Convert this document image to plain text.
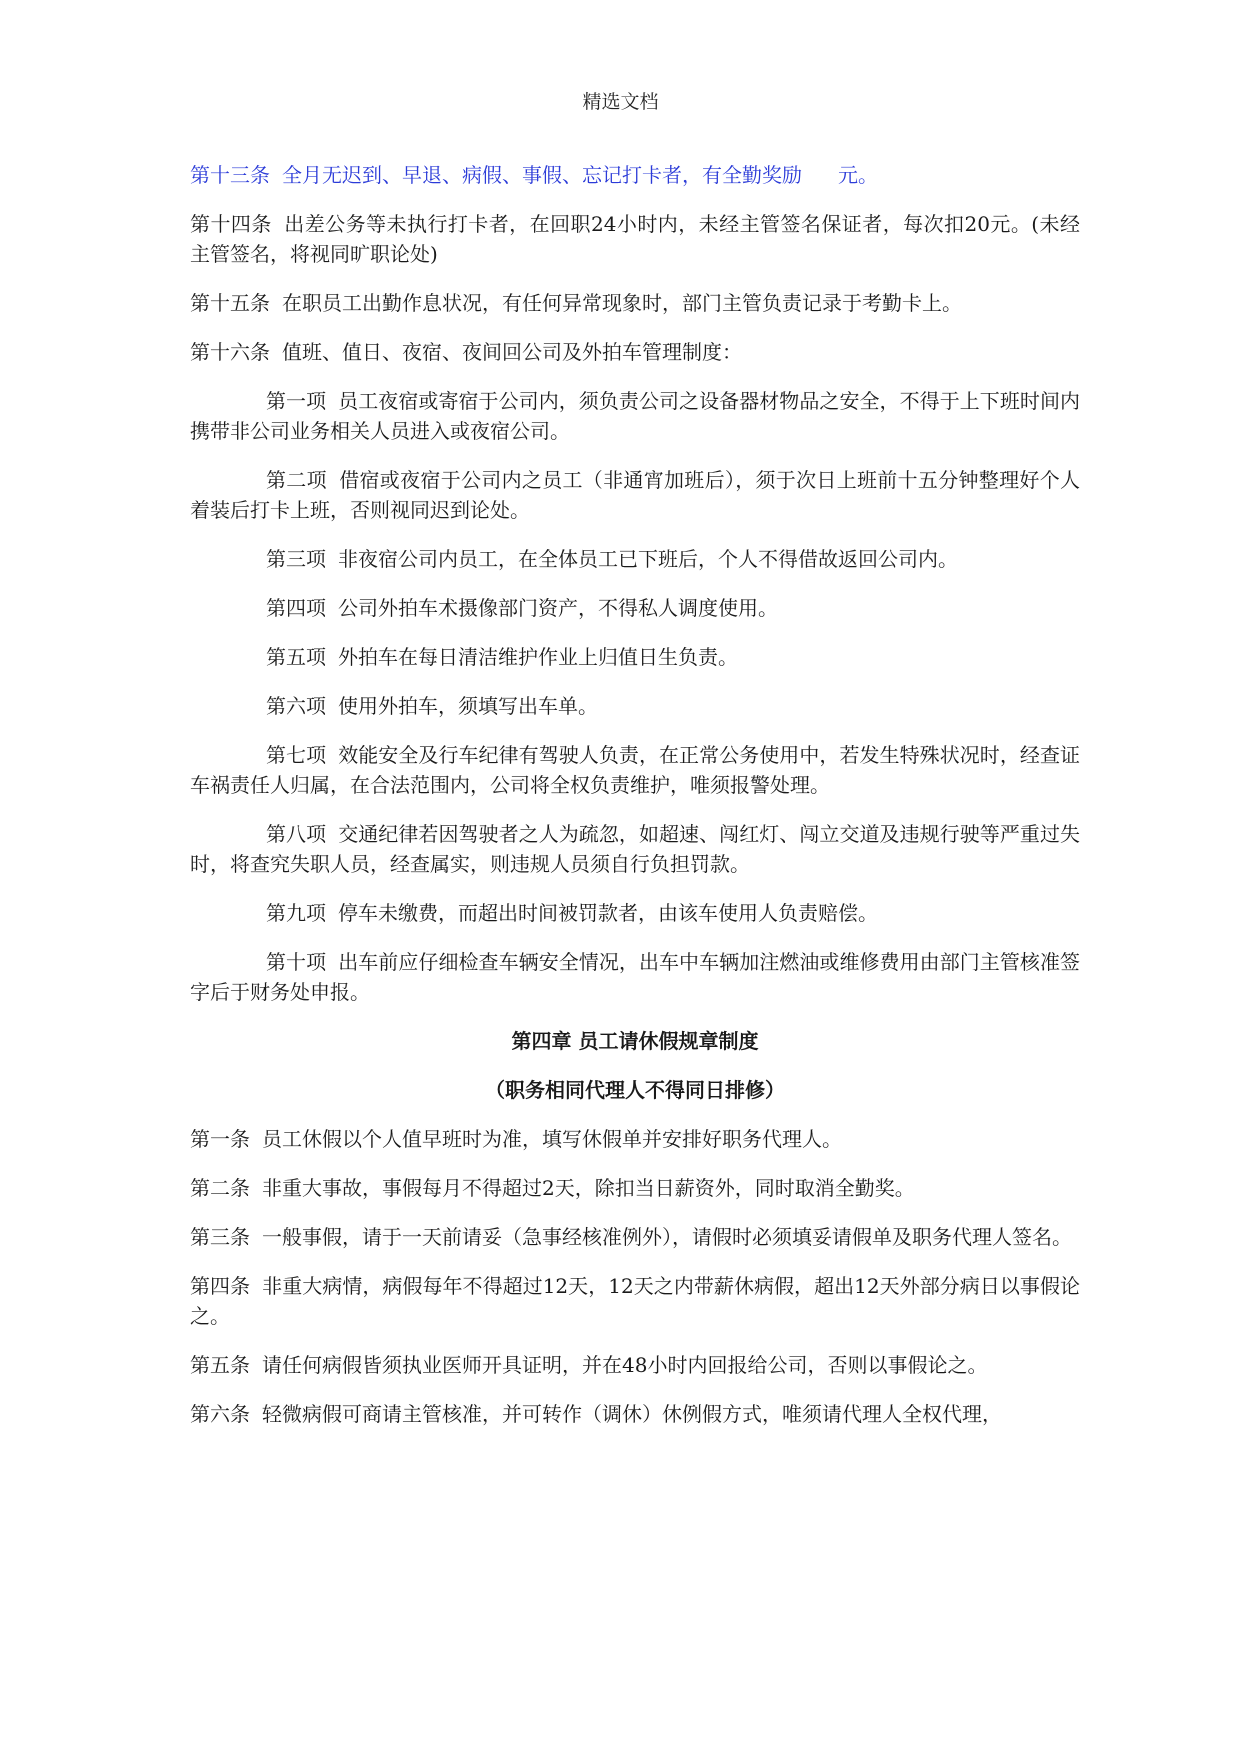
精选文档

第十三条 全月无迟到、早退、病假、事假、忘记打卡者，有全勤奖励 元。

第十四条 出差公务等未执行打卡者，在回职24小时内，未经主管签名保证者，每次扣20元。(未经主管签名，将视同旷职论处)

第十五条 在职员工出勤作息状况，有任何异常现象时，部门主管负责记录于考勤卡上。

第十六条 值班、值日、夜宿、夜间回公司及外拍车管理制度：

第一项 员工夜宿或寄宿于公司内，须负责公司之设备器材物品之安全，不得于上下班时间内携带非公司业务相关人员进入或夜宿公司。

第二项 借宿或夜宿于公司内之员工（非通宵加班后），须于次日上班前十五分钟整理好个人着装后打卡上班，否则视同迟到论处。

第三项 非夜宿公司内员工，在全体员工已下班后，个人不得借故返回公司内。

第四项 公司外拍车术摄像部门资产，不得私人调度使用。

第五项 外拍车在每日清洁维护作业上归值日生负责。

第六项 使用外拍车，须填写出车单。

第七项 效能安全及行车纪律有驾驶人负责，在正常公务使用中，若发生特殊状况时，经查证车祸责任人归属，在合法范围内，公司将全权负责维护，唯须报警处理。

第八项 交通纪律若因驾驶者之人为疏忽，如超速、闯红灯、闯立交道及违规行驶等严重过失时，将查究失职人员，经查属实，则违规人员须自行负担罚款。

第九项 停车未缴费，而超出时间被罚款者，由该车使用人负责赔偿。

第十项 出车前应仔细检查车辆安全情况，出车中车辆加注燃油或维修费用由部门主管核准签字后于财务处申报。

第四章 员工请休假规章制度

（职务相同代理人不得同日排修）

第一条 员工休假以个人值早班时为准，填写休假单并安排好职务代理人。

第二条 非重大事故，事假每月不得超过2天，除扣当日薪资外，同时取消全勤奖。

第三条 一般事假，请于一天前请妥（急事经核准例外），请假时必须填妥请假单及职务代理人签名。

第四条 非重大病情，病假每年不得超过12天，12天之内带薪休病假，超出12天外部分病日以事假论之。

第五条 请任何病假皆须执业医师开具证明，并在48小时内回报给公司，否则以事假论之。

第六条 轻微病假可商请主管核准，并可转作（调休）休例假方式，唯须请代理人全权代理，
